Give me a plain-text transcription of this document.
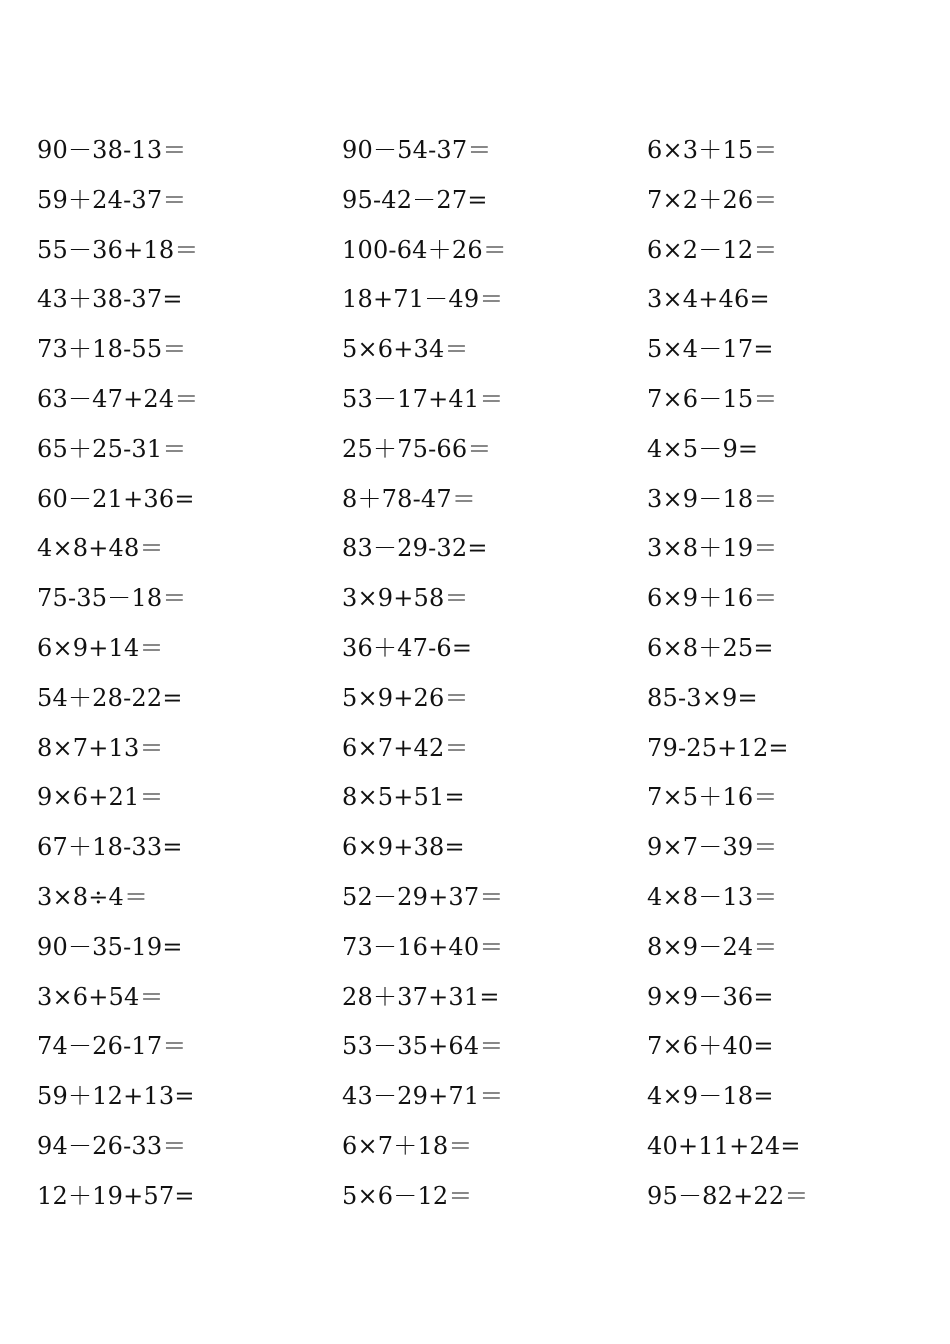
90－38-13＝	90－54-37＝	6×3＋15＝
59＋24-37＝	95-42－27=	7×2＋26＝
55－36+18＝	100-64＋26＝	6×2－12＝
43＋38-37=	18+71－49＝	3×4+46=
73＋18-55＝	5×6+34＝	5×4－17=
63－47+24＝	53－17+41＝	7×6－15＝
65＋25-31＝	25＋75-66＝	4×5－9=
60－21+36=	8＋78-47＝	3×9－18＝
4×8+48＝	83－29-32=	3×8＋19＝
75-35－18＝	3×9+58＝	6×9＋16＝
6×9+14＝	36＋47-6=	6×8＋25=
54＋28-22=	5×9+26＝	85-3×9=
8×7+13＝	6×7+42＝	79-25+12=
9×6+21＝	8×5+51=	7×5＋16＝
67＋18-33=	6×9+38=	9×7－39＝
3×8÷4＝	52－29+37＝	4×8－13＝
90－35-19=	73－16+40＝	8×9－24＝
3×6+54＝	28＋37+31=	9×9－36=
74－26-17＝	53－35+64＝	7×6＋40=
59＋12+13=	43－29+71＝	4×9－18=
94－26-33＝	6×7＋18＝	40+11+24=
12＋19+57=	5×6－12＝	95－82+22＝
